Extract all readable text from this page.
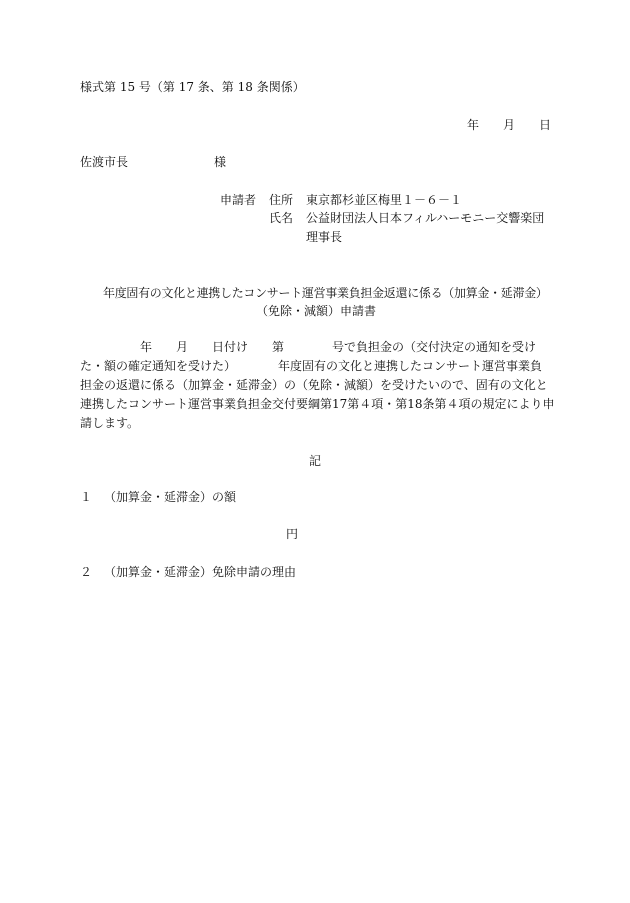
様式第 15 号（第 17 条、第 18 条関係）
年　　月　　日
佐渡市長	様
申請者 住所 東京都杉並区梅里１－６－１
氏名 公益財団法人日本フィルハーモニー交響楽団
理事長
年度固有の文化と連携したコンサート運営事業負担金返還に係る（加算金・延滞金）
（免除・減額）申請書
　　　　　年　　月　　日付け　　第　　　　号で負担金の（交付決定の通知を受け
た・額の確定通知を受けた）　　　　年度固有の文化と連携したコンサート運営事業負
担金の返還に係る（加算金・延滞金）の（免除・減額）を受けたいので、固有の文化と
連携したコンサート運営事業負担金交付要綱第17第４項・第18条第４項の規定により申
請します。
記
１ （加算金・延滞金）の額
円
２ （加算金・延滞金）免除申請の理由
